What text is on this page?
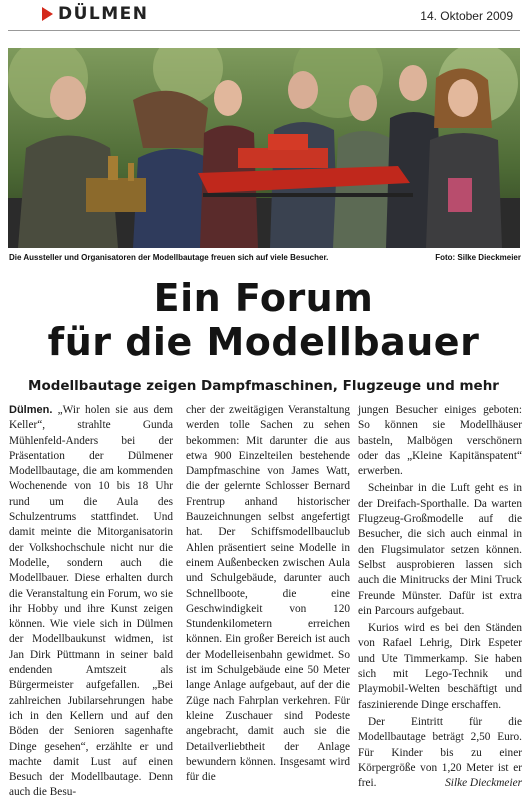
DÜLMEN	14. Oktober 2009
Die Aussteller und Organisatoren der Modellbautage freuen sich auf viele Besucher.	Foto: Silke Dieckmeier
Ein Forum
für die Modellbauer
Modellbautage zeigen Dampfmaschinen, Flugzeuge und mehr

Dülmen. „Wir holen sie aus dem Keller“, strahlte Gunda Mühlenfeld-Anders bei der Präsentation der Dülmener Modellbautage, die am kommenden Wochenende von 10 bis 18 Uhr rund um die Aula des Schulzentrums stattfindet. Und damit meinte die Mitorganisatorin der Volkshochschule nicht nur die Modelle, sondern auch die Modellbauer. Diese erhalten durch die Veranstaltung ein Forum, wo sie ihr Hobby und ihre Kunst zeigen können. Wie viele sich in Dülmen der Modellbaukunst widmen, ist Jan Dirk Püttmann in seiner bald endenden Amtszeit als Bürgermeister aufgefallen. „Bei zahlreichen Jubilarsehrungen habe ich in den Kellern und auf den Böden der Senioren sagenhafte Dinge gesehen“, erzählte er und machte damit Lust auf einen Besuch der Modellbautage. Denn auch die Besu-

cher der zweitägigen Veranstaltung werden tolle Sachen zu sehen bekommen: Mit darunter die aus etwa 900 Einzelteilen bestehende Dampfmaschine von James Watt, die der gelernte Schlosser Bernard Frentrup anhand historischer Bauzeichnungen selbst angefertigt hat. Der Schiffsmodellbauclub Ahlen präsentiert seine Modelle in einem Außenbecken zwischen Aula und Schulgebäude, darunter auch Schnellboote, die eine Geschwindigkeit von 120 Stundenkilometern erreichen können. Ein großer Bereich ist auch der Modelleisenbahn gewidmet. So ist im Schulgebäude eine 50 Meter lange Anlage aufgebaut, auf der die Züge nach Fahrplan verkehren. Für kleine Zuschauer sind Podeste angebracht, damit auch sie die Detailverliebtheit der Anlage bewundern können. Insgesamt wird für die

jungen Besucher einiges geboten: So können sie Modellhäuser basteln, Malbögen verschönern oder das „Kleine Kapitänspatent“ erwerben.

Scheinbar in die Luft geht es in der Dreifach-Sporthalle. Da warten Flugzeug-Großmodelle auf die Besucher, die sich auch einmal in den Flugsimulator setzen können. Selbst ausprobieren lassen sich auch die Minitrucks der Mini Truck Freunde Münster. Dafür ist extra ein Parcours aufgebaut.

Kurios wird es bei den Ständen von Rafael Lehrig, Dirk Espeter und Ute Timmerkamp. Sie haben sich mit Lego-Technik und Playmobil-Welten beschäftigt und faszinierende Dinge erschaffen.

Der Eintritt für die Modellbautage beträgt 2,50 Euro. Für Kinder bis zu einer Körpergröße von 1,20 Meter ist er frei.	Silke Dieckmeier
